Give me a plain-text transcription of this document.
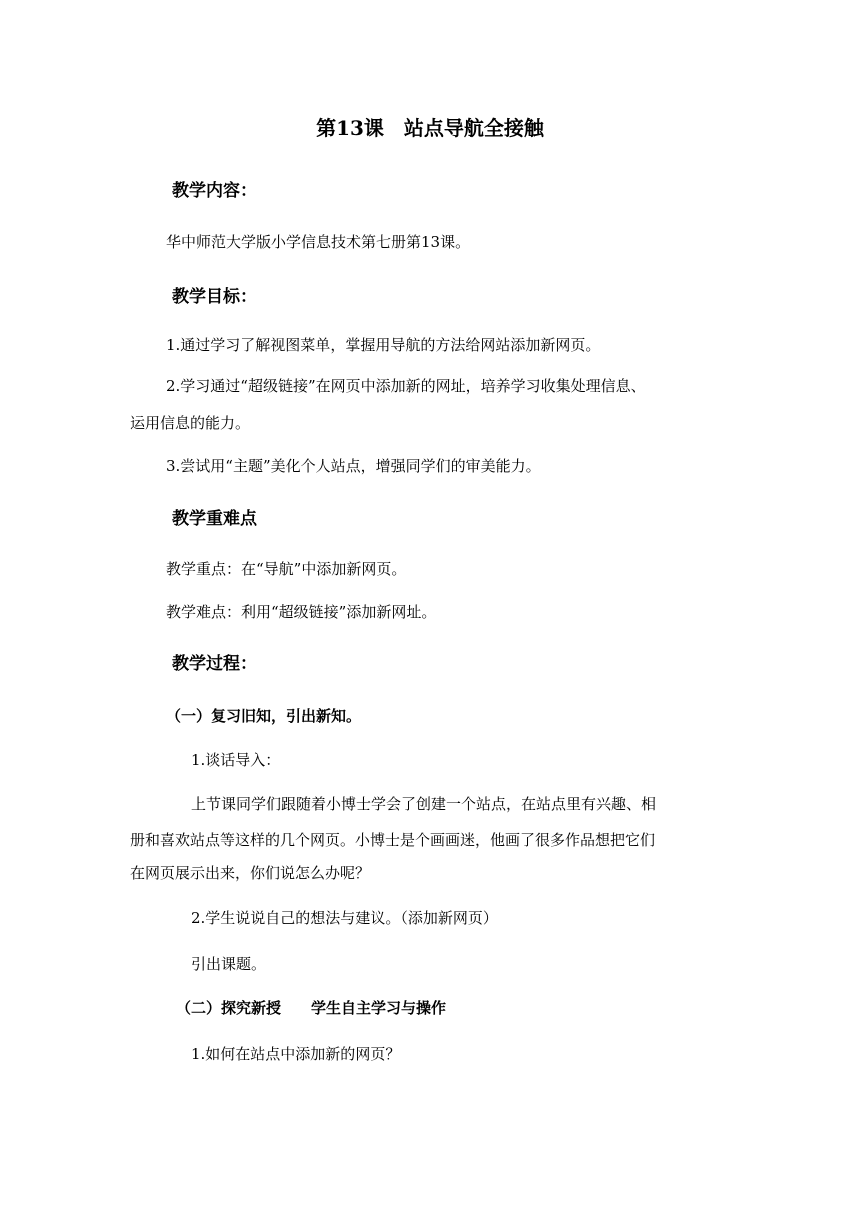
第13课　站点导航全接触
教学内容：
华中师范大学版小学信息技术第七册第13课。
教学目标：
1.通过学习了解视图菜单，掌握用导航的方法给网站添加新网页。
2.学习通过“超级链接”在网页中添加新的网址，培养学习收集处理信息、
运用信息的能力。
3.尝试用“主题”美化个人站点，增强同学们的审美能力。
教学重难点
教学重点：在“导航”中添加新网页。
教学难点：利用“超级链接”添加新网址。
教学过程：
（一）复习旧知，引出新知。
1.谈话导入：
上节课同学们跟随着小博士学会了创建一个站点，在站点里有兴趣、相
册和喜欢站点等这样的几个网页。小博士是个画画迷，他画了很多作品想把它们
在网页展示出来，你们说怎么办呢？
2.学生说说自己的想法与建议。（添加新网页）
引出课题。
（二）探究新授　　学生自主学习与操作
1.如何在站点中添加新的网页？
